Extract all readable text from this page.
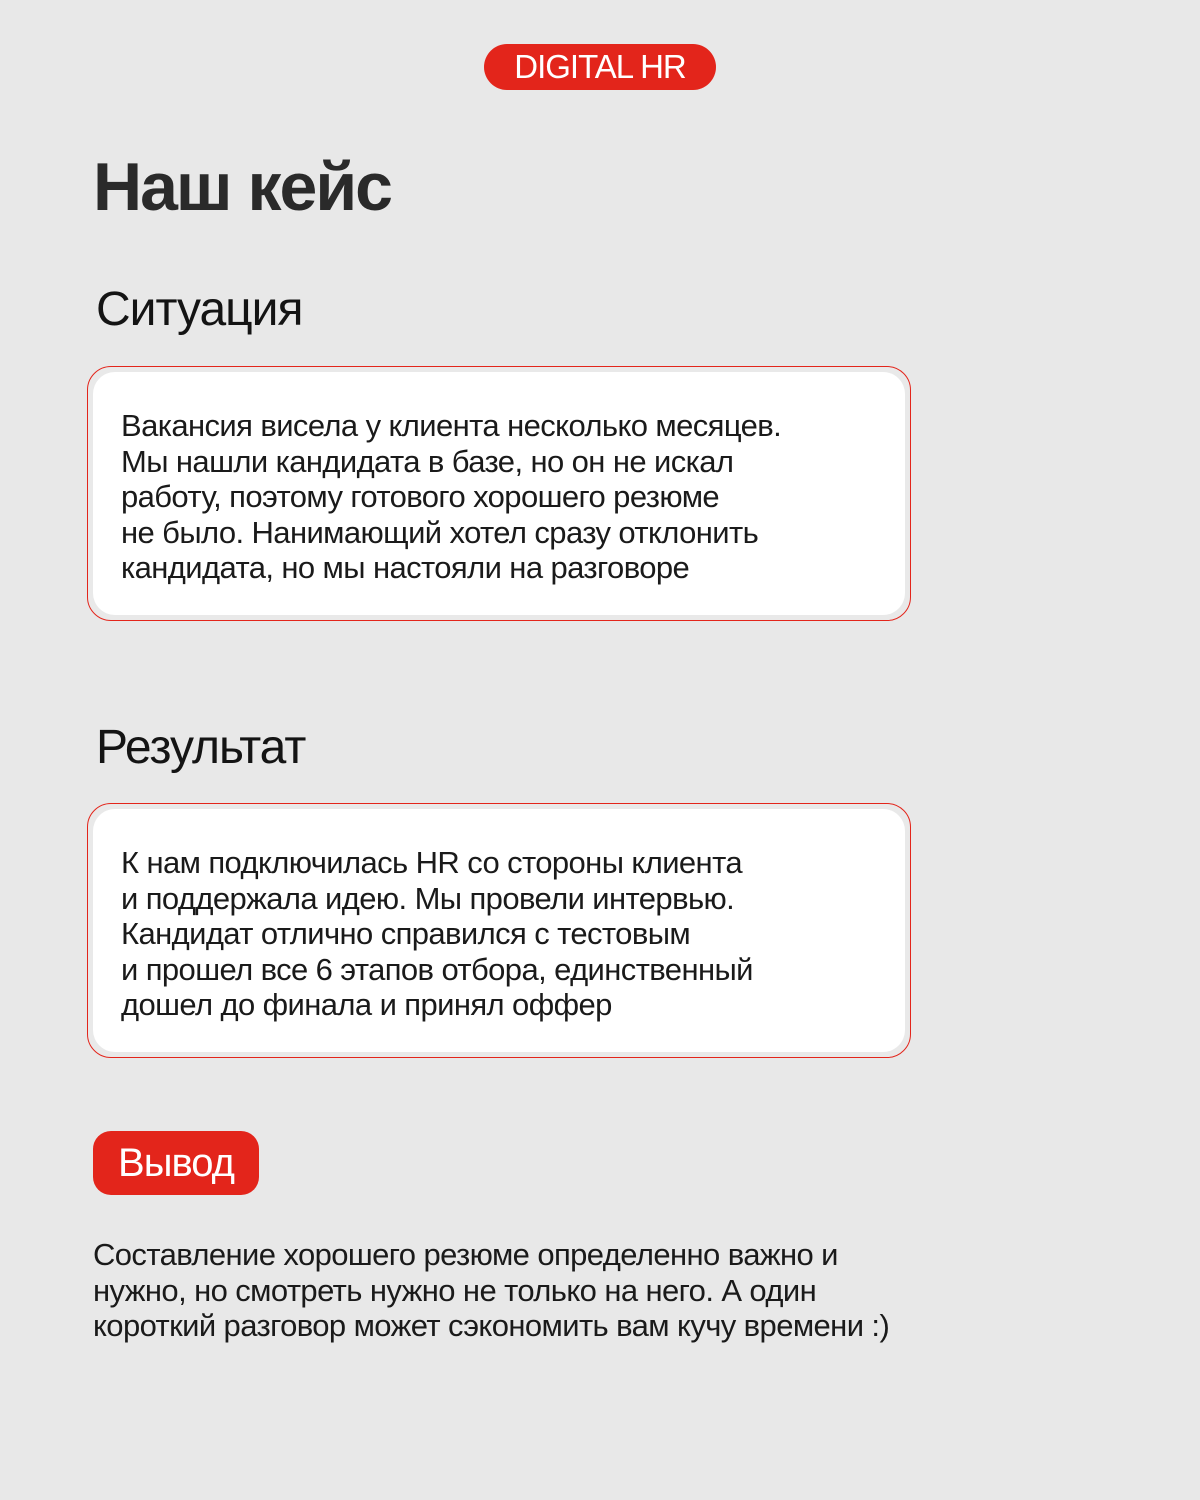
DIGITAL HR
Наш кейс
Ситуация

Вакансия висела у клиента несколько месяцев.
Мы нашли кандидата в базе, но он не искал
работу, поэтому готового хорошего резюме
не было. Нанимающий хотел сразу отклонить
кандидата, но мы настояли на разговоре

Результат

К нам подключилась HR со стороны клиента
и поддержала идею. Мы провели интервью.
Кандидат отлично справился с тестовым
и прошел все 6 этапов отбора, единственный
дошел до финала и принял оффер

Вывод

Составление хорошего резюме определенно важно и
нужно, но смотреть нужно не только на него. А один
короткий разговор может сэкономить вам кучу времени :)
